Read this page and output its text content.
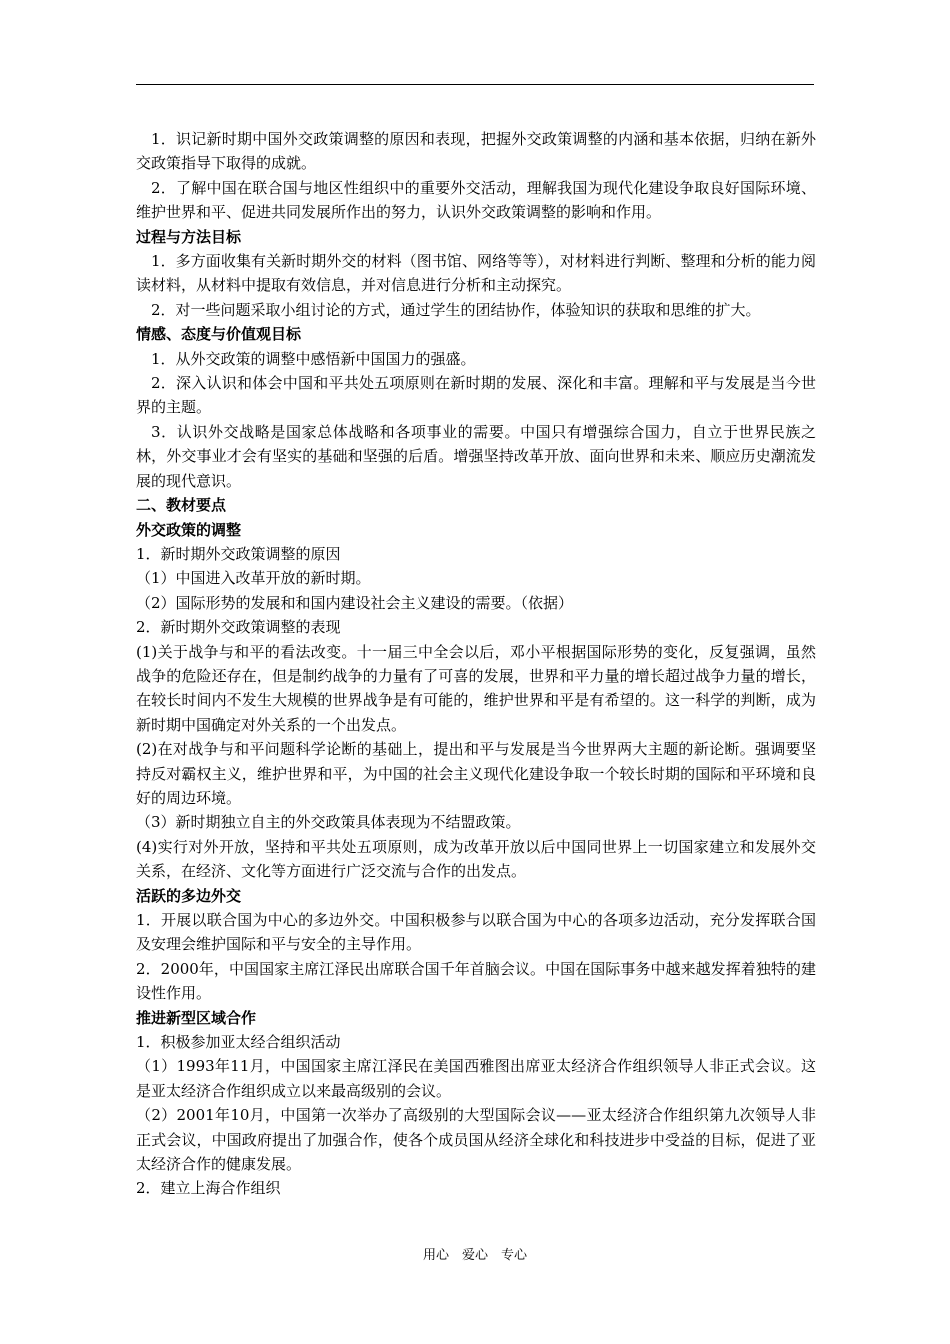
1．识记新时期中国外交政策调整的原因和表现，把握外交政策调整的内涵和基本依据，归纳在新外交政策指导下取得的成就。
2．了解中国在联合国与地区性组织中的重要外交活动，理解我国为现代化建设争取良好国际环境、维护世界和平、促进共同发展所作出的努力，认识外交政策调整的影响和作用。
过程与方法目标
1．多方面收集有关新时期外交的材料（图书馆、网络等等），对材料进行判断、整理和分析的能力阅读材料，从材料中提取有效信息，并对信息进行分析和主动探究。
2．对一些问题采取小组讨论的方式，通过学生的团结协作，体验知识的获取和思维的扩大。
情感、态度与价值观目标
1．从外交政策的调整中感悟新中国国力的强盛。
2．深入认识和体会中国和平共处五项原则在新时期的发展、深化和丰富。理解和平与发展是当今世界的主题。
3．认识外交战略是国家总体战略和各项事业的需要。中国只有增强综合国力，自立于世界民族之林，外交事业才会有坚实的基础和坚强的后盾。增强坚持改革开放、面向世界和未来、顺应历史潮流发展的现代意识。
二、教材要点
外交政策的调整
1．新时期外交政策调整的原因
（1）中国进入改革开放的新时期。
（2）国际形势的发展和和国内建设社会主义建设的需要。（依据）
2．新时期外交政策调整的表现
(1)关于战争与和平的看法改变。十一届三中全会以后，邓小平根据国际形势的变化，反复强调，虽然战争的危险还存在，但是制约战争的力量有了可喜的发展，世界和平力量的增长超过战争力量的增长，在较长时间内不发生大规模的世界战争是有可能的，维护世界和平是有希望的。这一科学的判断，成为新时期中国确定对外关系的一个出发点。
(2)在对战争与和平问题科学论断的基础上，提出和平与发展是当今世界两大主题的新论断。强调要坚持反对霸权主义，维护世界和平，为中国的社会主义现代化建设争取一个较长时期的国际和平环境和良好的周边环境。
（3）新时期独立自主的外交政策具体表现为不结盟政策。
(4)实行对外开放，坚持和平共处五项原则，成为改革开放以后中国同世界上一切国家建立和发展外交关系，在经济、文化等方面进行广泛交流与合作的出发点。
活跃的多边外交
1．开展以联合国为中心的多边外交。中国积极参与以联合国为中心的各项多边活动，充分发挥联合国及安理会维护国际和平与安全的主导作用。
2．2000年，中国国家主席江泽民出席联合国千年首脑会议。中国在国际事务中越来越发挥着独特的建设性作用。
推进新型区域合作
1．积极参加亚太经合组织活动
（1）1993年11月，中国国家主席江泽民在美国西雅图出席亚太经济合作组织领导人非正式会议。这是亚太经济合作组织成立以来最高级别的会议。
（2）2001年10月，中国第一次举办了高级别的大型国际会议——亚太经济合作组织第九次领导人非正式会议，中国政府提出了加强合作，使各个成员国从经济全球化和科技进步中受益的目标，促进了亚太经济合作的健康发展。
2．建立上海合作组织
用心　爱心　专心
